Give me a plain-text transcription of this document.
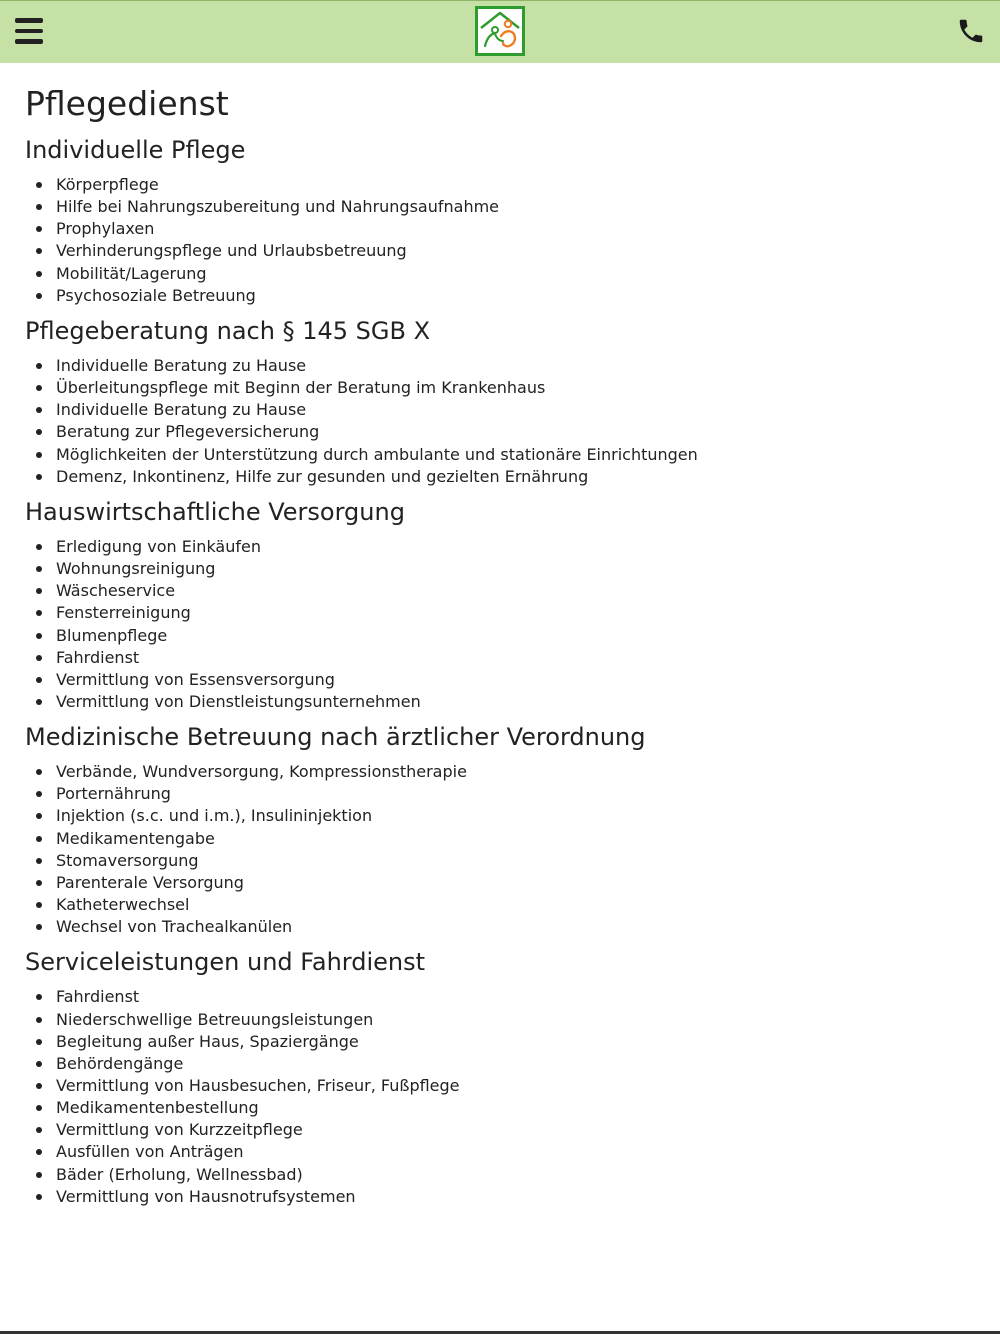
Pflegedienst
Individuelle Pflege
Körperpflege
Hilfe bei Nahrungszubereitung und Nahrungsaufnahme
Prophylaxen
Verhinderungspflege und Urlaubsbetreuung
Mobilität/Lagerung
Psychosoziale Betreuung
Pflegeberatung nach § 145 SGB X
Individuelle Beratung zu Hause
Überleitungspflege mit Beginn der Beratung im Krankenhaus
Individuelle Beratung zu Hause
Beratung zur Pflegeversicherung
Möglichkeiten der Unterstützung durch ambulante und stationäre Einrichtungen
Demenz, Inkontinenz, Hilfe zur gesunden und gezielten Ernährung
Hauswirtschaftliche Versorgung
Erledigung von Einkäufen
Wohnungsreinigung
Wäscheservice
Fensterreinigung
Blumenpflege
Fahrdienst
Vermittlung von Essensversorgung
Vermittlung von Dienstleistungsunternehmen
Medizinische Betreuung nach ärztlicher Verordnung
Verbände, Wundversorgung, Kompressionstherapie
Porternährung
Injektion (s.c. und i.m.), Insulininjektion
Medikamentengabe
Stomaversorgung
Parenterale Versorgung
Katheterwechsel
Wechsel von Trachealkanülen
Serviceleistungen und Fahrdienst
Fahrdienst
Niederschwellige Betreuungsleistungen
Begleitung außer Haus, Spaziergänge
Behördengänge
Vermittlung von Hausbesuchen, Friseur, Fußpflege
Medikamentenbestellung
Vermittlung von Kurzzeitpflege
Ausfüllen von Anträgen
Bäder (Erholung, Wellnessbad)
Vermittlung von Hausnotrufsystemen
